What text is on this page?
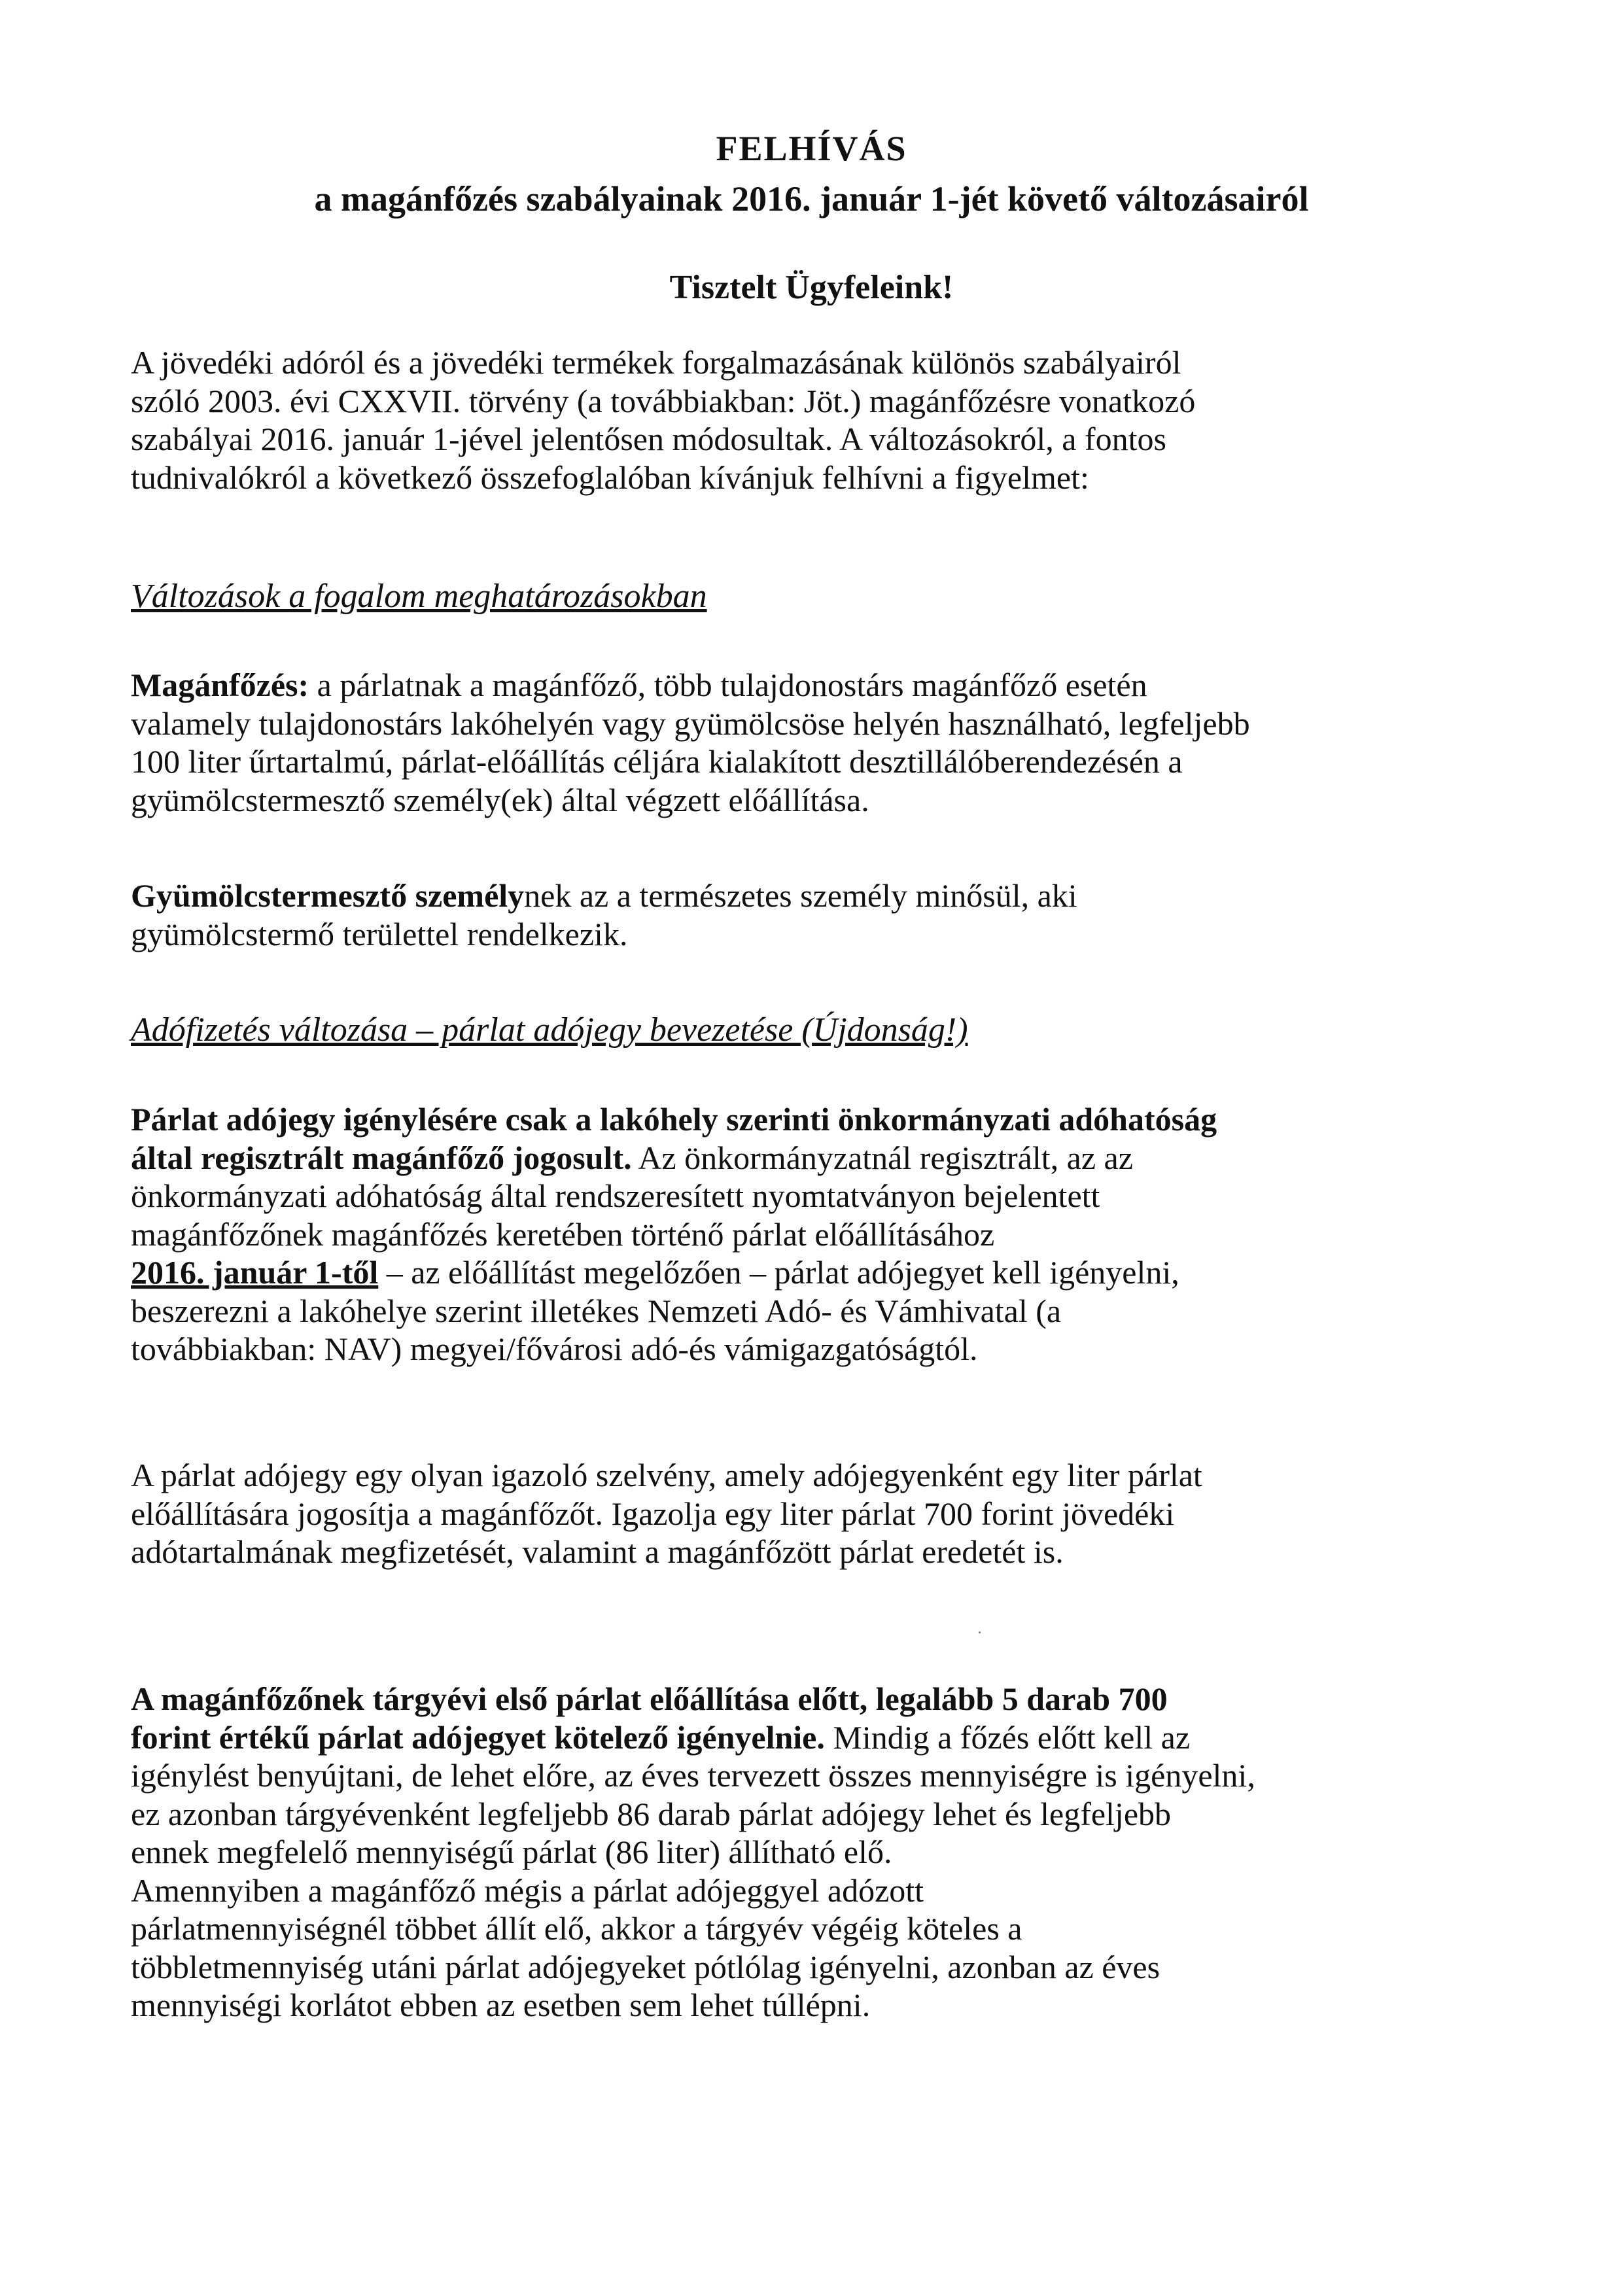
FELHÍVÁS
a magánfőzés szabályainak 2016. január 1-jét követő változásairól

Tisztelt Ügyfeleink!

A jövedéki adóról és a jövedéki termékek forgalmazásának különös szabályairól
szóló 2003. évi CXXVII. törvény (a továbbiakban: Jöt.) magánfőzésre vonatkozó
szabályai 2016. január 1-jével jelentősen módosultak. A változásokról, a fontos
tudnivalókról a következő összefoglalóban kívánjuk felhívni a figyelmet:
Változások a fogalom meghatározásokban
Magánfőzés: a párlatnak a magánfőző, több tulajdonostárs magánfőző esetén
valamely tulajdonostárs lakóhelyén vagy gyümölcsöse helyén használható, legfeljebb
100 liter űrtartalmú, párlat-előállítás céljára kialakított desztillálóberendezésén a
gyümölcstermesztő személy(ek) által végzett előállítása.
Gyümölcstermesztő személynek az a természetes személy minősül, aki
gyümölcstermő területtel rendelkezik.
Adófizetés változása – párlat adójegy bevezetése (Újdonság!)
Párlat adójegy igénylésére csak a lakóhely szerinti önkormányzati adóhatóság
által regisztrált magánfőző jogosult. Az önkormányzatnál regisztrált, az az
önkormányzati adóhatóság által rendszeresített nyomtatványon bejelentett
magánfőzőnek magánfőzés keretében történő párlat előállításához
2016. január 1-től – az előállítást megelőzően – párlat adójegyet kell igényelni,
beszerezni a lakóhelye szerint illetékes Nemzeti Adó- és Vámhivatal (a
továbbiakban: NAV) megyei/fővárosi adó-és vámigazgatóságtól.
A párlat adójegy egy olyan igazoló szelvény, amely adójegyenként egy liter párlat
előállítására jogosítja a magánfőzőt. Igazolja egy liter párlat 700 forint jövedéki
adótartalmának megfizetését, valamint a magánfőzött párlat eredetét is.
A magánfőzőnek tárgyévi első párlat előállítása előtt, legalább 5 darab 700
forint értékű párlat adójegyet kötelező igényelnie. Mindig a főzés előtt kell az
igénylést benyújtani, de lehet előre, az éves tervezett összes mennyiségre is igényelni,
ez azonban tárgyévenként legfeljebb 86 darab párlat adójegy lehet és legfeljebb
ennek megfelelő mennyiségű párlat (86 liter) állítható elő.
Amennyiben a magánfőző mégis a párlat adójeggyel adózott
párlatmennyiségnél többet állít elő, akkor a tárgyév végéig köteles a
többletmennyiség utáni párlat adójegyeket pótlólag igényelni, azonban az éves
mennyiségi korlátot ebben az esetben sem lehet túllépni.
